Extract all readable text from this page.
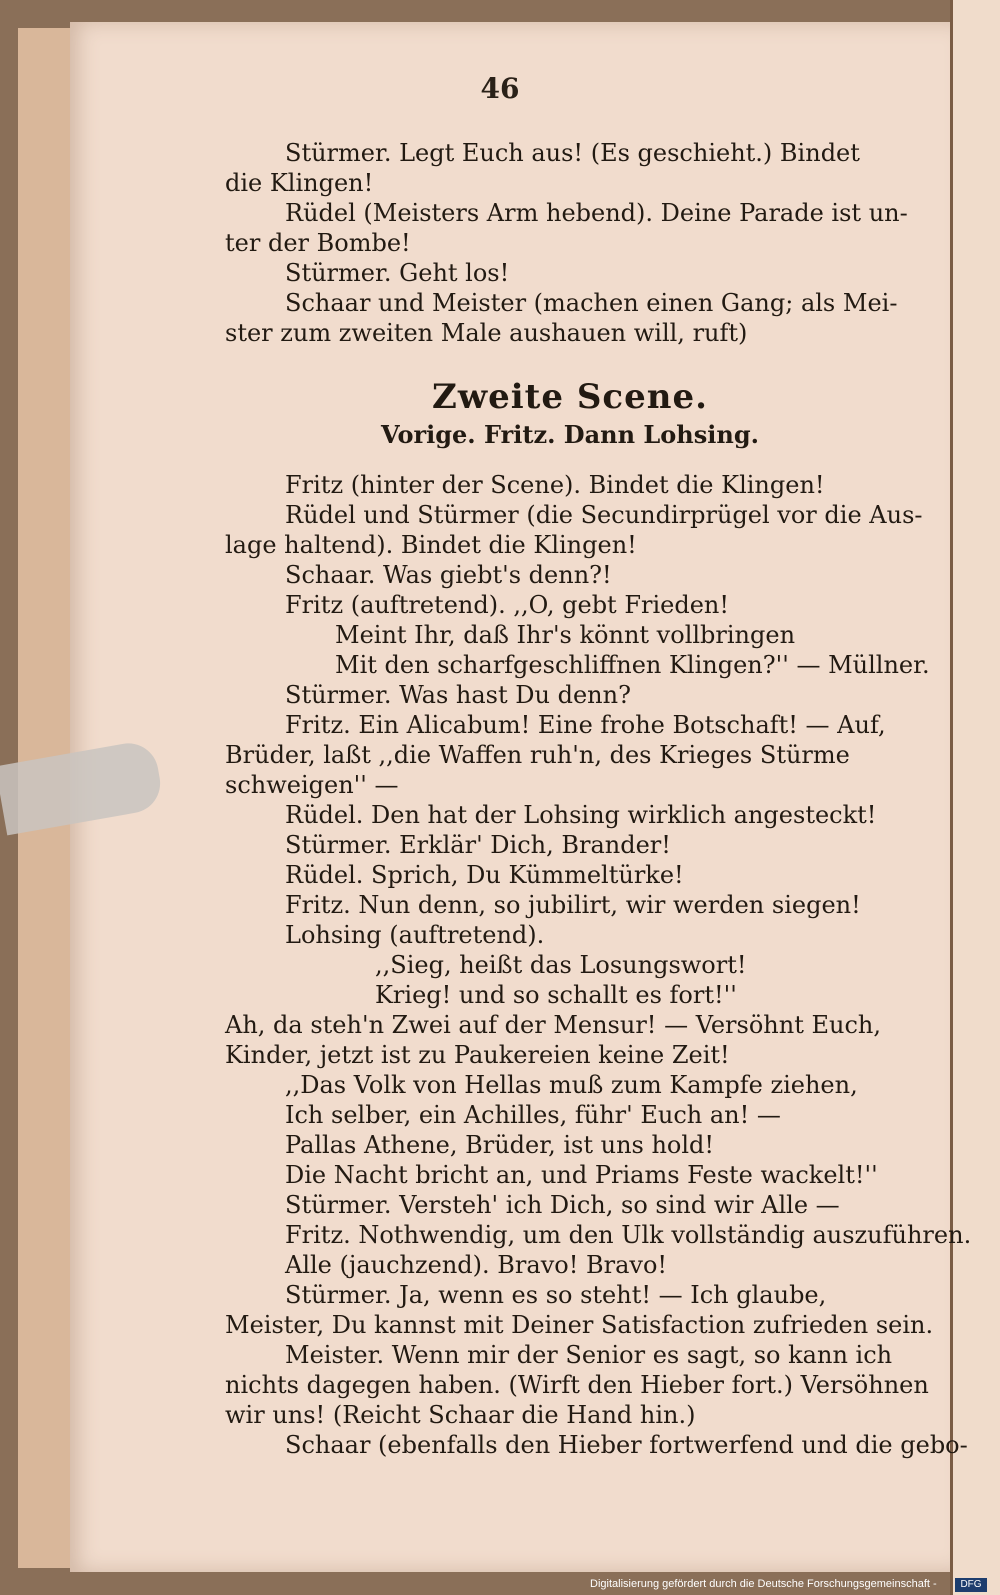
46
Stürmer. Legt Euch aus! (Es geschieht.) Bindet
die Klingen!
Rüdel (Meisters Arm hebend). Deine Parade ist un-
ter der Bombe!
Stürmer. Geht los!
Schaar und Meister (machen einen Gang; als Mei-
ster zum zweiten Male aushauen will, ruft)
Zweite Scene.
Vorige. Fritz. Dann Lohsing.
Fritz (hinter der Scene). Bindet die Klingen!
Rüdel und Stürmer (die Secundirprügel vor die Aus-
lage haltend). Bindet die Klingen!
Schaar. Was giebt's denn?!
Fritz (auftretend). ,,O, gebt Frieden!
Meint Ihr, daß Ihr's könnt vollbringen
Mit den scharfgeschliffnen Klingen?'' — Müllner.
Stürmer. Was hast Du denn?
Fritz. Ein Alicabum! Eine frohe Botschaft! — Auf,
Brüder, laßt ,,die Waffen ruh'n, des Krieges Stürme
schweigen'' —
Rüdel. Den hat der Lohsing wirklich angesteckt!
Stürmer. Erklär' Dich, Brander!
Rüdel. Sprich, Du Kümmeltürke!
Fritz. Nun denn, so jubilirt, wir werden siegen!
Lohsing (auftretend).
,,Sieg, heißt das Losungswort!
Krieg! und so schallt es fort!''
Ah, da steh'n Zwei auf der Mensur! — Versöhnt Euch,
Kinder, jetzt ist zu Paukereien keine Zeit!
,,Das Volk von Hellas muß zum Kampfe ziehen,
Ich selber, ein Achilles, führ' Euch an! —
Pallas Athene, Brüder, ist uns hold!
Die Nacht bricht an, und Priams Feste wackelt!''
Stürmer. Versteh' ich Dich, so sind wir Alle —
Fritz. Nothwendig, um den Ulk vollständig auszuführen.
Alle (jauchzend). Bravo! Bravo!
Stürmer. Ja, wenn es so steht! — Ich glaube,
Meister, Du kannst mit Deiner Satisfaction zufrieden sein.
Meister. Wenn mir der Senior es sagt, so kann ich
nichts dagegen haben. (Wirft den Hieber fort.) Versöhnen
wir uns! (Reicht Schaar die Hand hin.)
Schaar (ebenfalls den Hieber fortwerfend und die gebo-
Digitalisierung gefördert durch die Deutsche Forschungsgemeinschaft -	DFG
